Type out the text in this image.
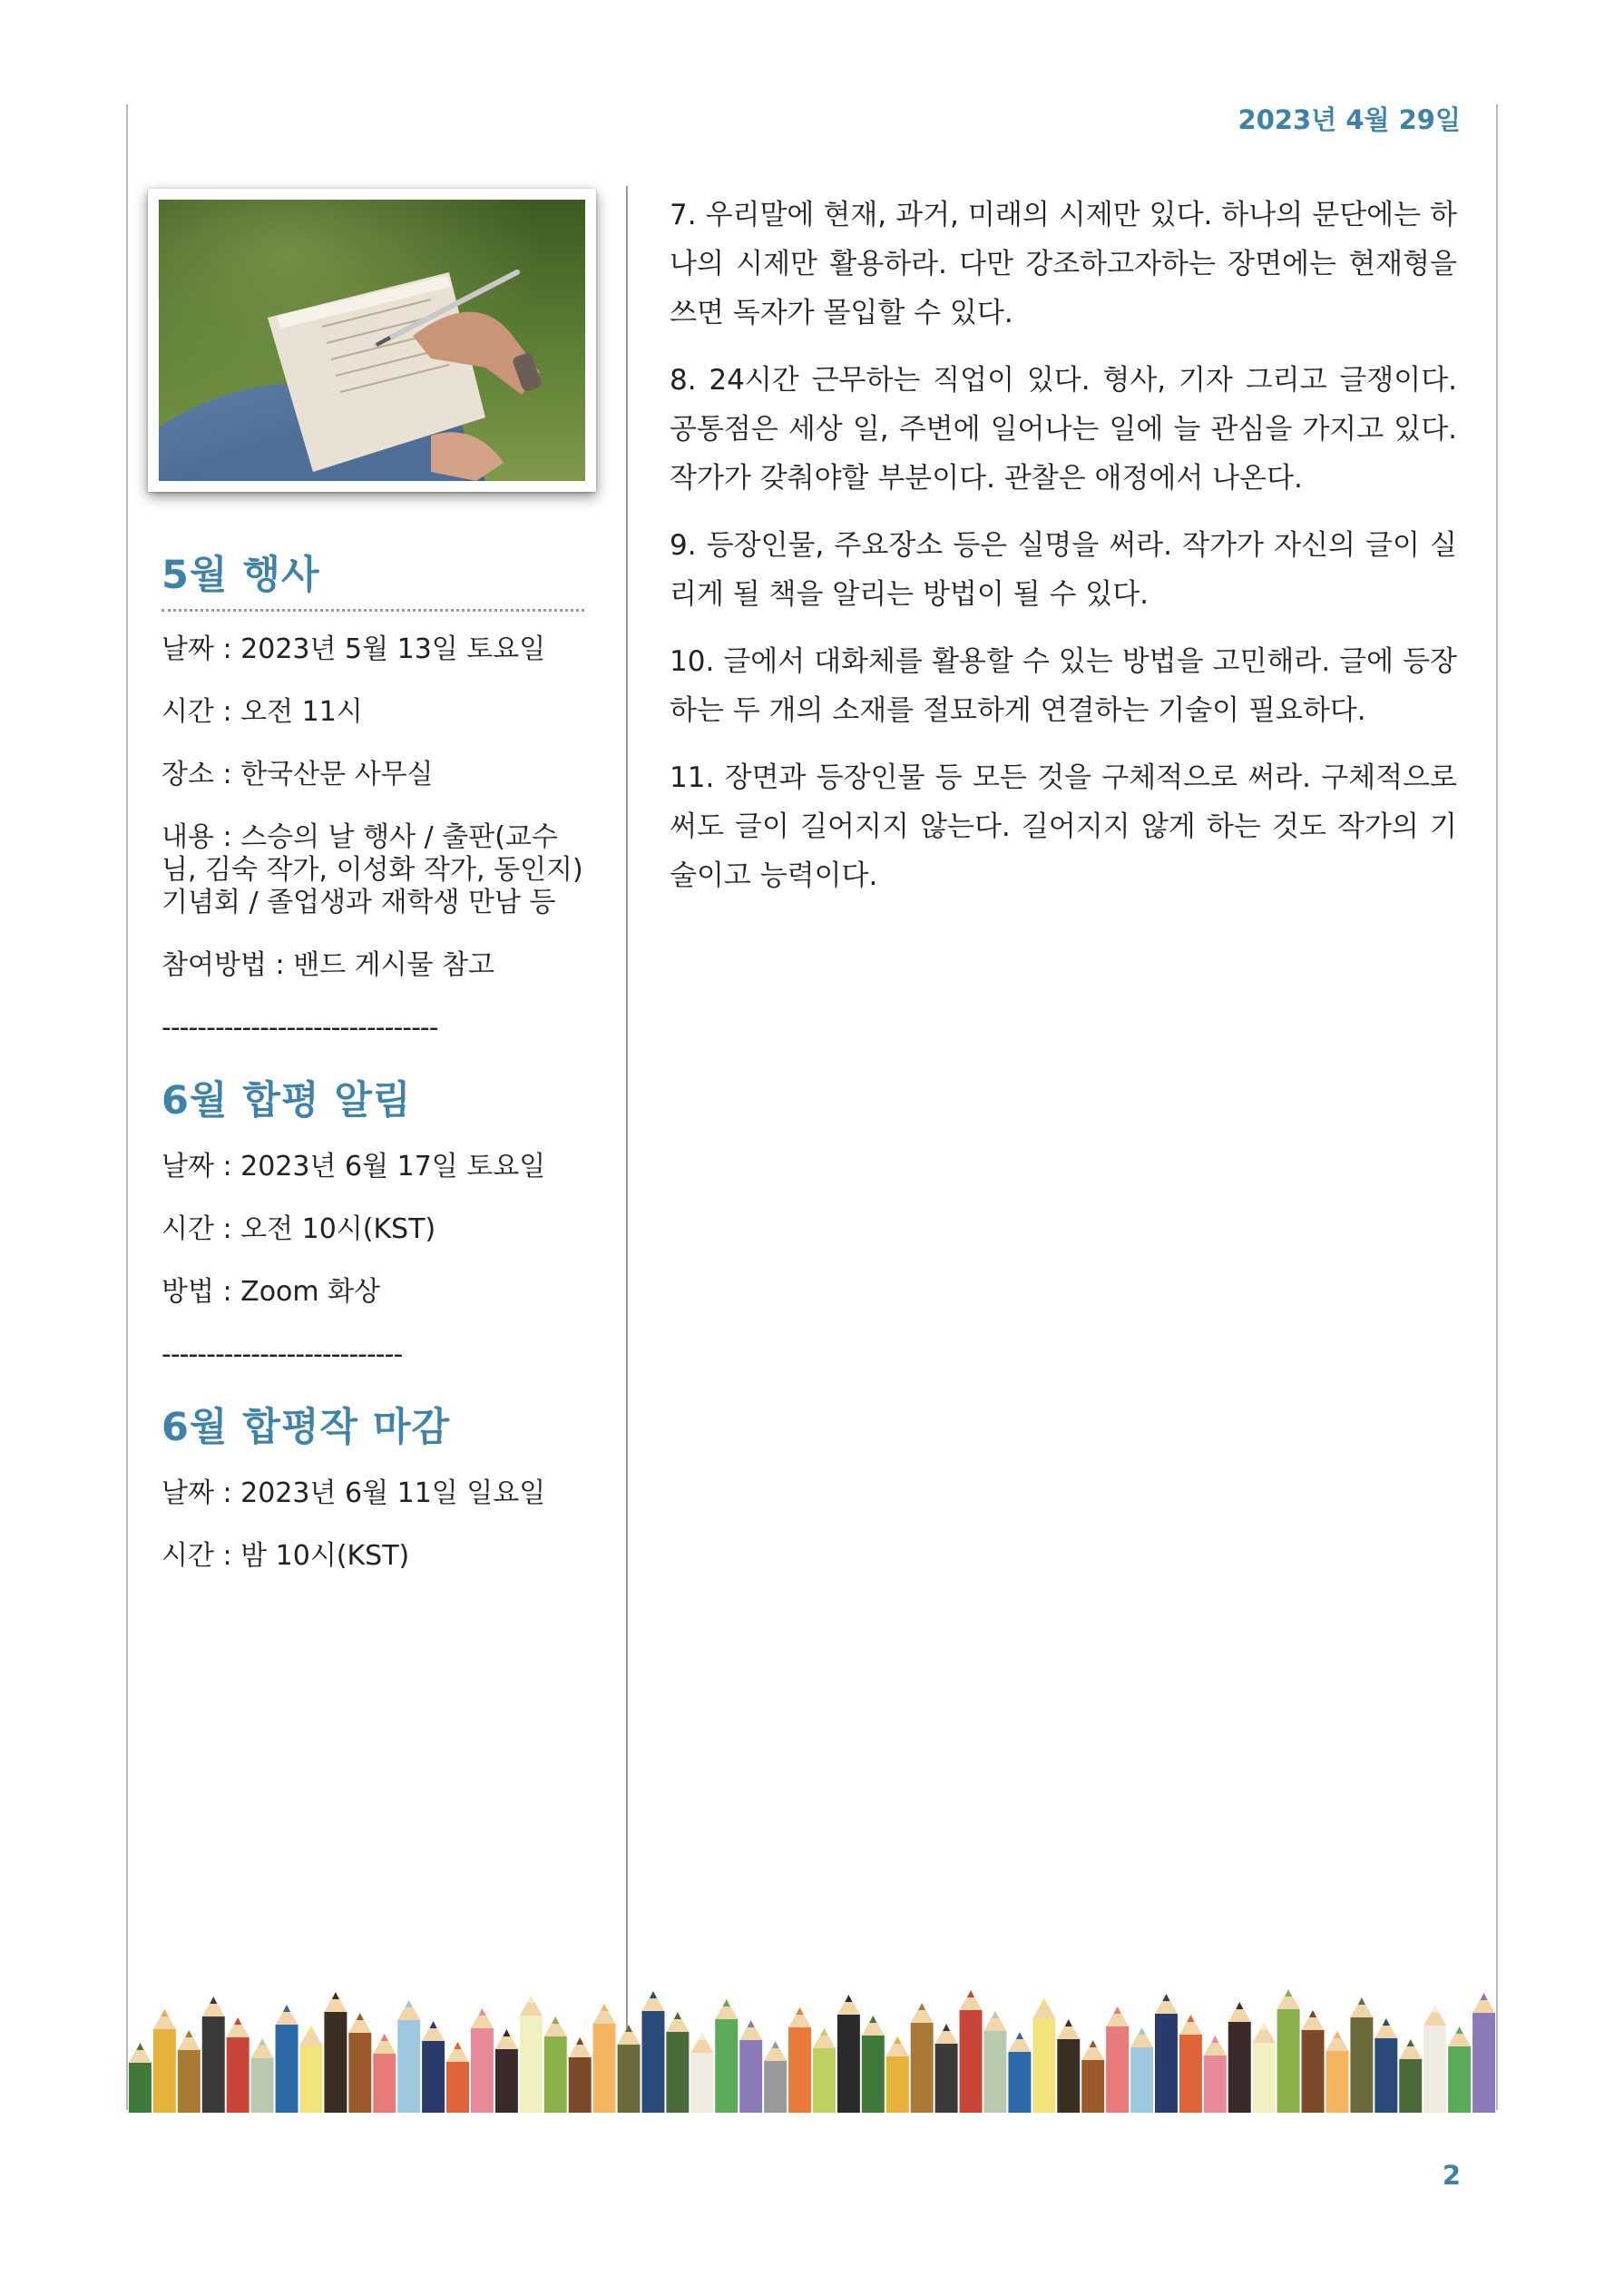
2023년 4월 29일
5월 행사

날짜 : 2023년 5월 13일 토요일

시간 : 오전 11시

장소 : 한국산문 사무실

내용 : 스승의 날 행사 / 출판(교수님, 김숙 작가, 이성화 작가, 동인지) 기념회 / 졸업생과 재학생 만남 등

참여방법 : 밴드 게시물 참고

-------------------------------

6월 합평 알림

날짜 : 2023년 6월 17일 토요일

시간 : 오전 10시(KST)

방법 : Zoom 화상

---------------------------

6월 합평작 마감

날짜 : 2023년 6월 11일 일요일

시간 : 밤 10시(KST)

7. 우리말에 현재, 과거, 미래의 시제만 있다. 하나의 문단에는 하나의 시제만 활용하라. 다만 강조하고자하는 장면에는 현재형을 쓰면 독자가 몰입할 수 있다.

8. 24시간 근무하는 직업이 있다. 형사, 기자 그리고 글쟁이다. 공통점은 세상 일, 주변에 일어나는 일에 늘 관심을 가지고 있다. 작가가 갖춰야할 부분이다. 관찰은 애정에서 나온다.

9. 등장인물, 주요장소 등은 실명을 써라. 작가가 자신의 글이 실리게 될 책을 알리는 방법이 될 수 있다.

10. 글에서 대화체를 활용할 수 있는 방법을 고민해라. 글에 등장하는 두 개의 소재를 절묘하게 연결하는 기술이 필요하다.

11. 장면과 등장인물 등 모든 것을 구체적으로 써라. 구체적으로 써도 글이 길어지지 않는다. 길어지지 않게 하는 것도 작가의 기술이고 능력이다.

2
